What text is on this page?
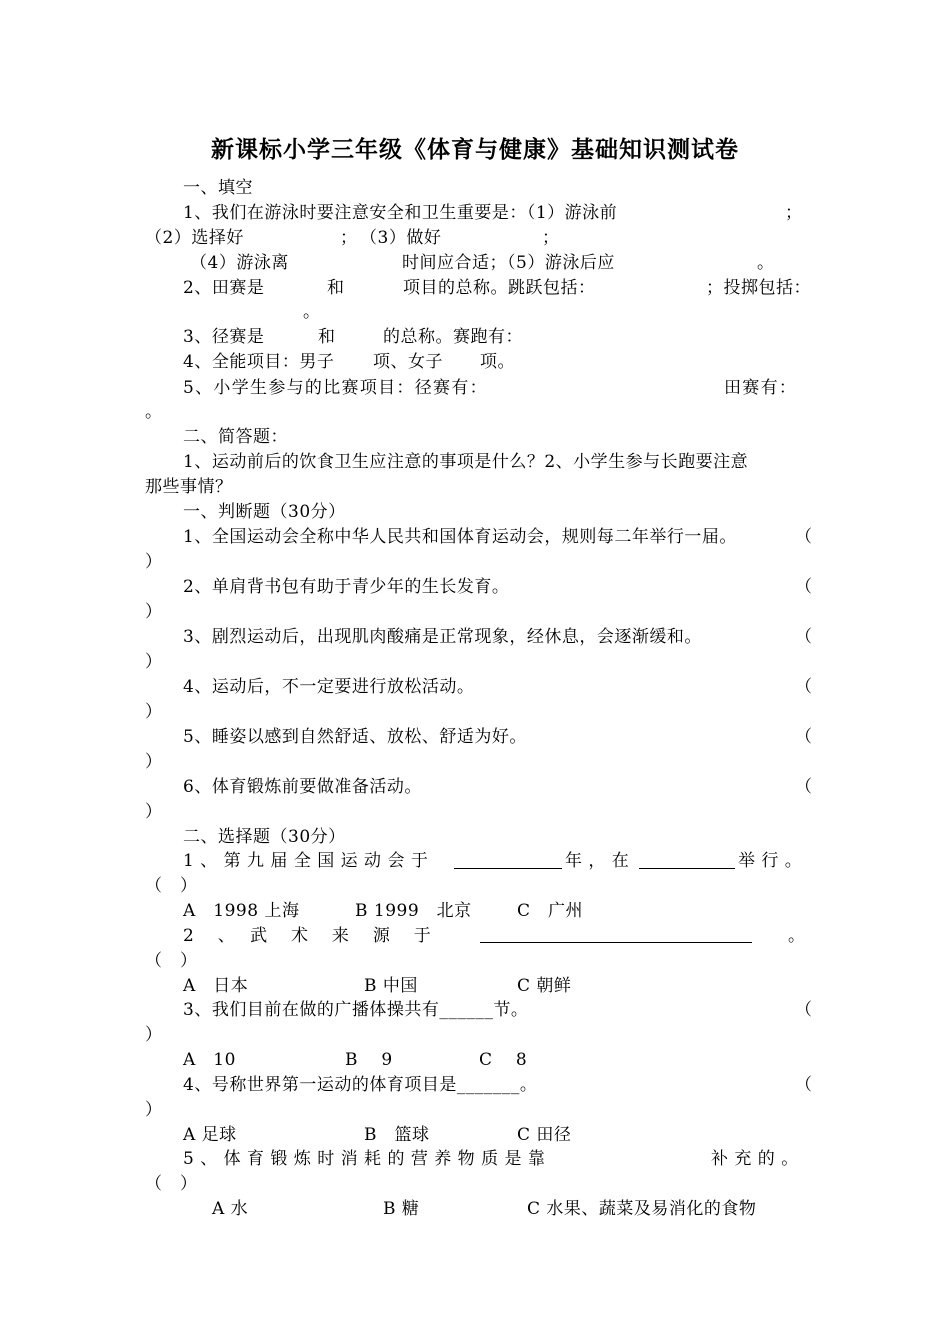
新课标小学三年级《体育与健康》基础知识测试卷
一、填空
1、我们在游泳时要注意安全和卫生重要是：（1）游泳前	；
（2）选择好	； （3）做好	；
（4）游泳离	时间应合适；（5）游泳后应	。
2、田赛是	和	项目的总称。跳跃包括：	；投掷包括：
。
3、径赛是	和	的总称。赛跑有：
4、全能项目：男子 项、女子 项。
5、小学生参与的比赛项目：径赛有：	田赛有：
。
二、简答题：
1、运动前后的饮食卫生应注意的事项是什么？2、小学生参与长跑要注意
那些事情？
一、判断题（30分）
1、全国运动会全称中华人民共和国体育运动会，规则每二年举行一届。	（
）
2、单肩背书包有助于青少年的生长发育。	（
）
3、剧烈运动后，出现肌肉酸痛是正常现象，经休息，会逐渐缓和。	（
）
4、运动后，不一定要进行放松活动。	（
）
5、睡姿以感到自然舒适、放松、舒适为好。	（
）
6、体育锻炼前要做准备活动。	（
）
二、选择题（30分）
1 、 第 九 届 全 国 运 动 会 于	年 ， 在	举 行 。
（　）
A　1998 上海	B 1999　北京	C　广州
2　 、　 武　 术　 来　 源　 于	。
（　）
A　日本	B 中国	C 朝鲜
3、我们目前在做的广播体操共有______节。	（
）
A　10	B　 9	C　 8
4、号称世界第一运动的体育项目是_______。	（
）
A 足球	B　篮球	C 田径
5 、 体 育 锻 炼 时 消 耗 的 营 养 物 质 是 靠	补 充 的 。
（　）
A 水	B 糖	C 水果、蔬菜及易消化的食物
